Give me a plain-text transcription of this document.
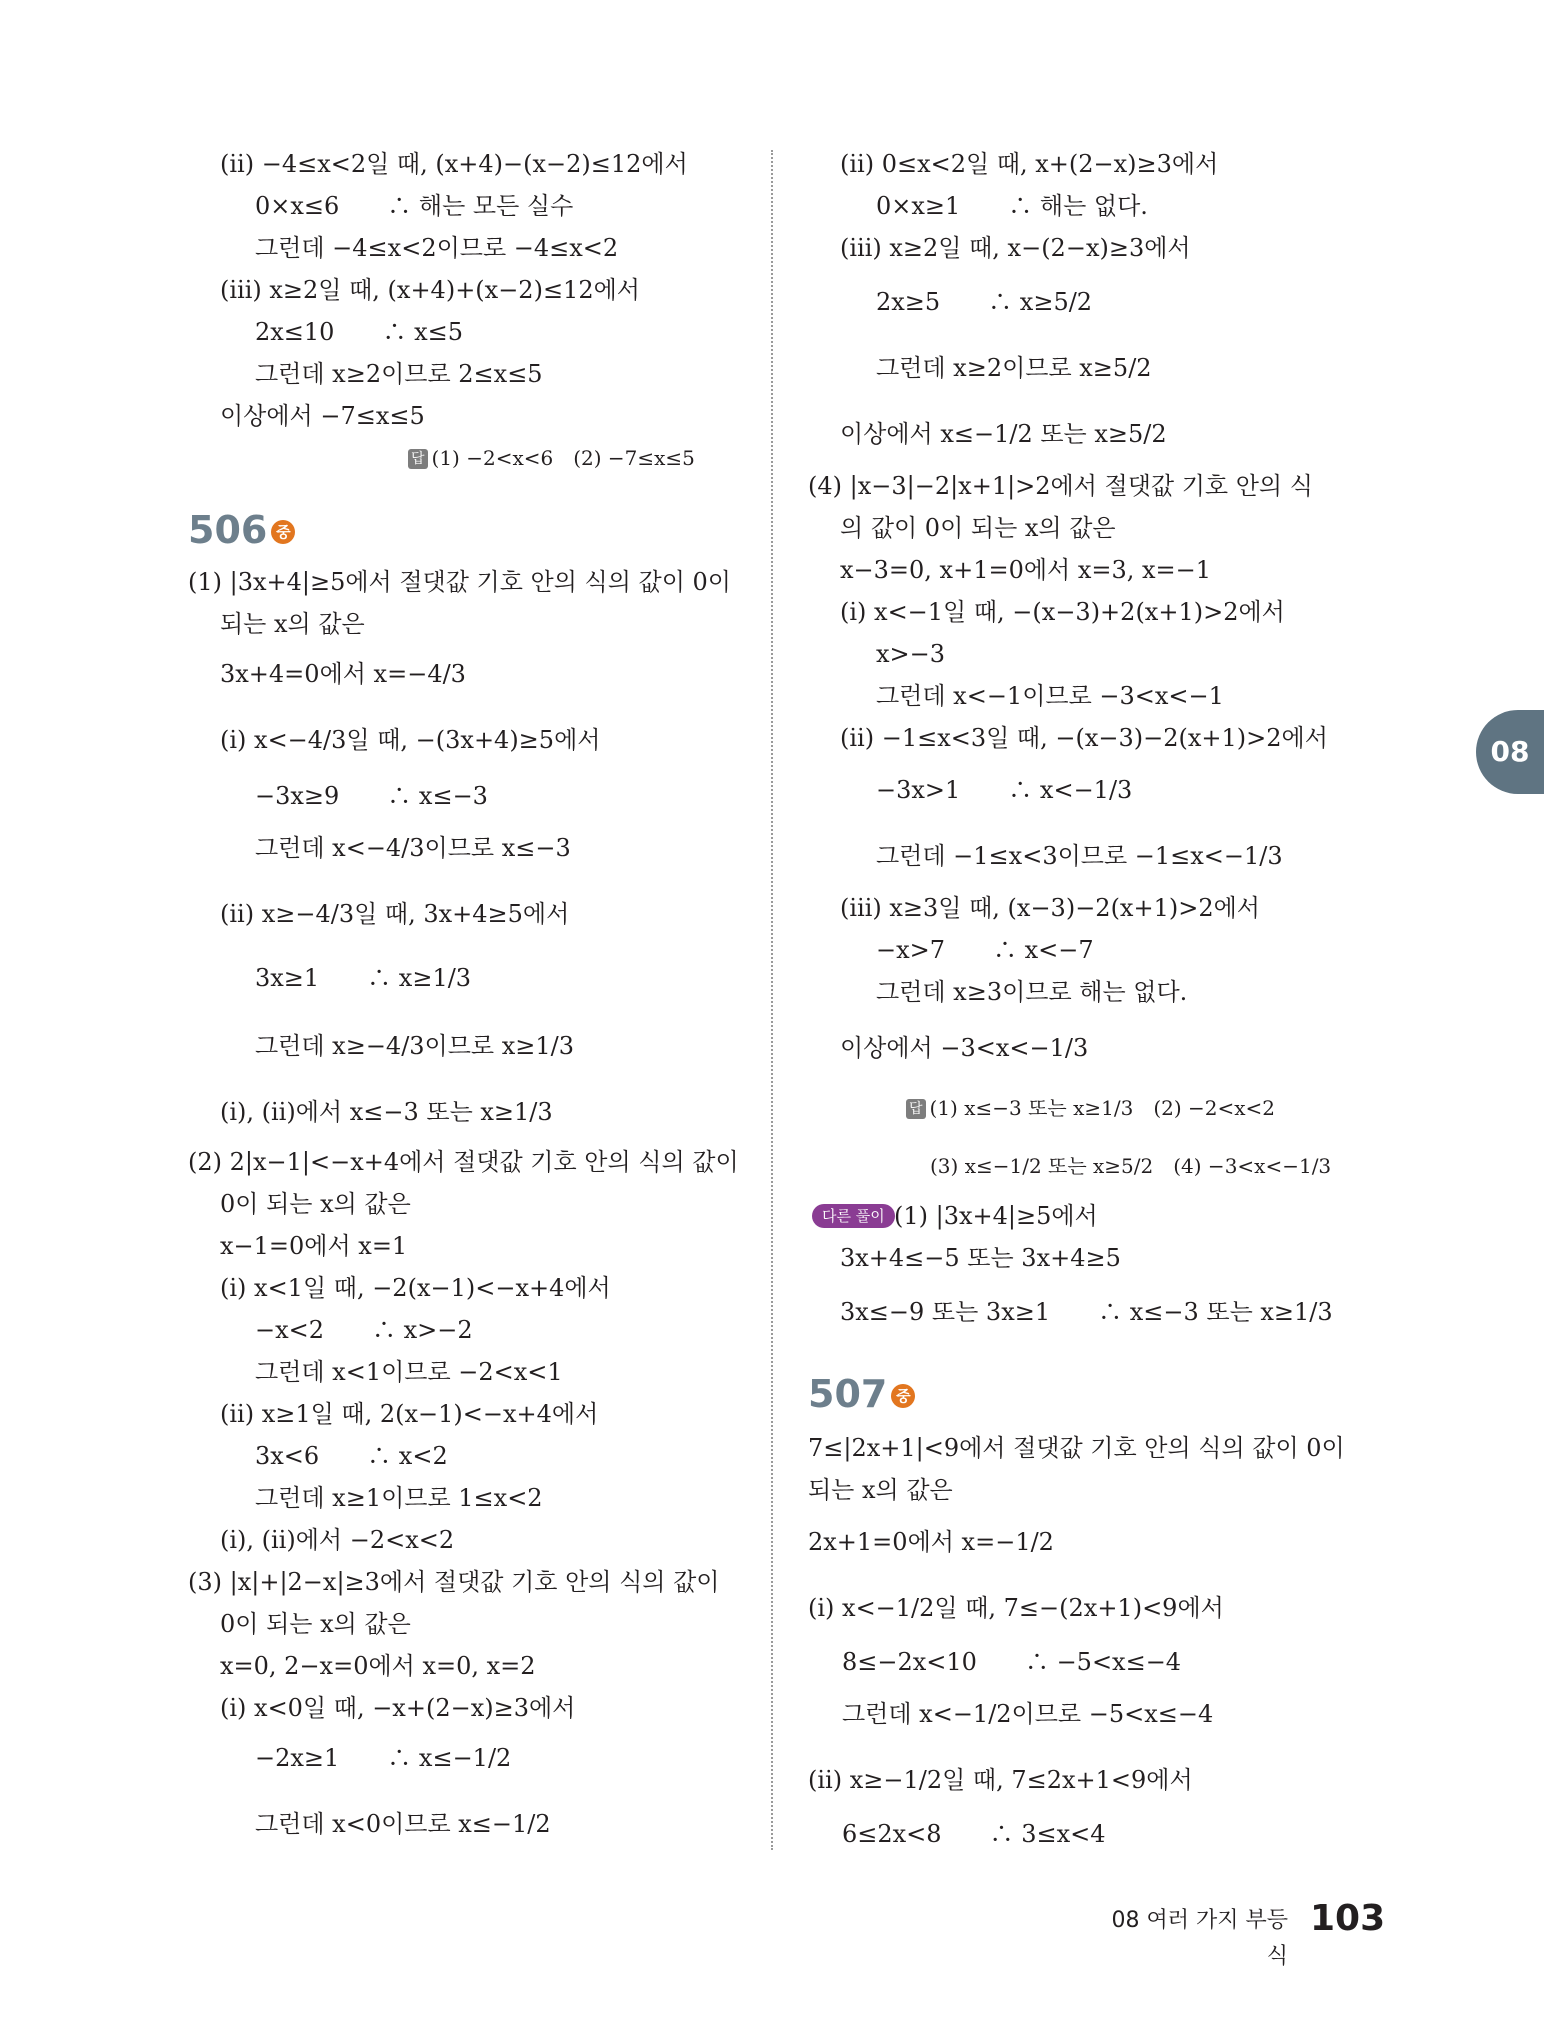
(ⅱ) −4≤x<2일 때, (x+4)−(x−2)≤12에서
0×x≤6　　∴ 해는 모든 실수
그런데 −4≤x<2이므로 −4≤x<2
(ⅲ) x≥2일 때, (x+4)+(x−2)≤12에서
2x≤10　　∴ x≤5
그런데 x≥2이므로 2≤x≤5
이상에서 −7≤x≤5
답 (1) −2<x<6　(2) −7≤x≤5
506 중
(1) |3x+4|≥5에서 절댓값 기호 안의 식의 값이 0이
되는 x의 값은
3x+4=0에서 x=−4/3
(ⅰ) x<−4/3일 때, −(3x+4)≥5에서
−3x≥9　　∴ x≤−3
그런데 x<−4/3이므로 x≤−3
(ⅱ) x≥−4/3일 때, 3x+4≥5에서
3x≥1　　∴ x≥1/3
그런데 x≥−4/3이므로 x≥1/3
(ⅰ), (ⅱ)에서 x≤−3 또는 x≥1/3
(2) 2|x−1|<−x+4에서 절댓값 기호 안의 식의 값이
0이 되는 x의 값은
x−1=0에서 x=1
(ⅰ) x<1일 때, −2(x−1)<−x+4에서
−x<2　　∴ x>−2
그런데 x<1이므로 −2<x<1
(ⅱ) x≥1일 때, 2(x−1)<−x+4에서
3x<6　　∴ x<2
그런데 x≥1이므로 1≤x<2
(ⅰ), (ⅱ)에서 −2<x<2
(3) |x|+|2−x|≥3에서 절댓값 기호 안의 식의 값이
0이 되는 x의 값은
x=0, 2−x=0에서 x=0, x=2
(ⅰ) x<0일 때, −x+(2−x)≥3에서
−2x≥1　　∴ x≤−1/2
그런데 x<0이므로 x≤−1/2
(ⅱ) 0≤x<2일 때, x+(2−x)≥3에서
0×x≥1　　∴ 해는 없다.
(ⅲ) x≥2일 때, x−(2−x)≥3에서
2x≥5　　∴ x≥5/2
그런데 x≥2이므로 x≥5/2
이상에서 x≤−1/2 또는 x≥5/2
(4) |x−3|−2|x+1|>2에서 절댓값 기호 안의 식
의 값이 0이 되는 x의 값은
x−3=0, x+1=0에서 x=3, x=−1
(ⅰ) x<−1일 때, −(x−3)+2(x+1)>2에서
x>−3
그런데 x<−1이므로 −3<x<−1
(ⅱ) −1≤x<3일 때, −(x−3)−2(x+1)>2에서
−3x>1　　∴ x<−1/3
그런데 −1≤x<3이므로 −1≤x<−1/3
(ⅲ) x≥3일 때, (x−3)−2(x+1)>2에서
−x>7　　∴ x<−7
그런데 x≥3이므로 해는 없다.
이상에서 −3<x<−1/3
답 (1) x≤−3 또는 x≥1/3　(2) −2<x<2
(3) x≤−1/2 또는 x≥5/2　(4) −3<x<−1/3
다른 풀이 (1) |3x+4|≥5에서
3x+4≤−5 또는 3x+4≥5
3x≤−9 또는 3x≥1　　∴ x≤−3 또는 x≥1/3
507 중
7≤|2x+1|<9에서 절댓값 기호 안의 식의 값이 0이
되는 x의 값은
2x+1=0에서 x=−1/2
(ⅰ) x<−1/2일 때, 7≤−(2x+1)<9에서
8≤−2x<10　　∴ −5<x≤−4
그런데 x<−1/2이므로 −5<x≤−4
(ⅱ) x≥−1/2일 때, 7≤2x+1<9에서
6≤2x<8　　∴ 3≤x<4
08
08 여러 가지 부등식
103
